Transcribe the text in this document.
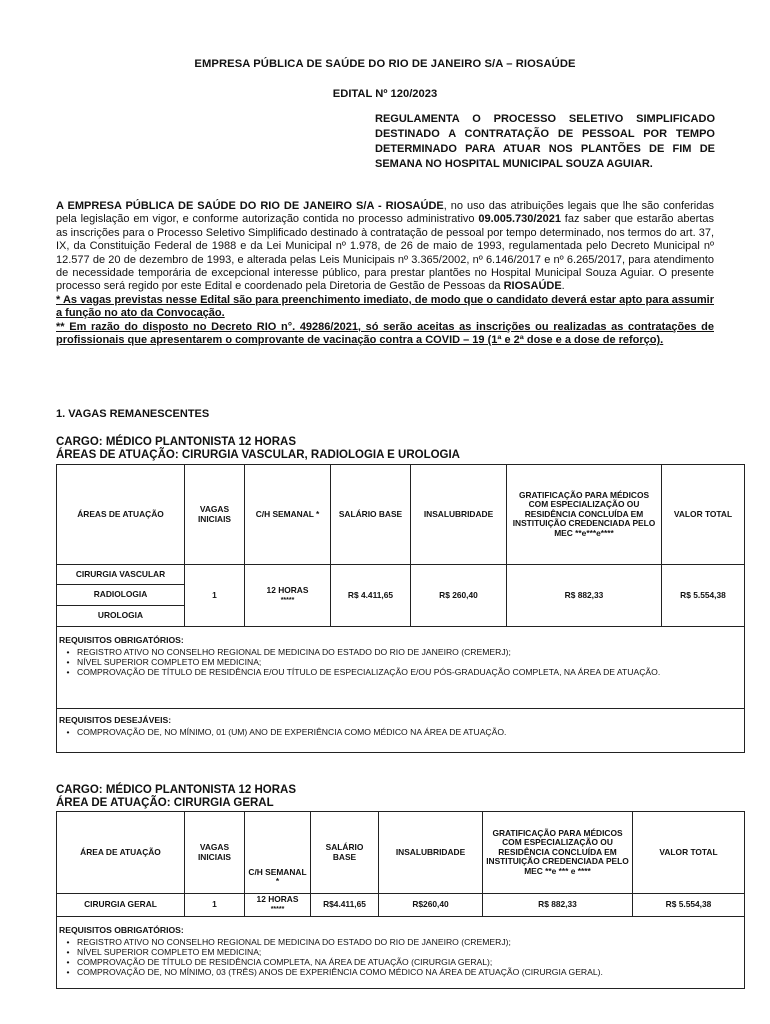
EMPRESA PÚBLICA DE SAÚDE DO RIO DE JANEIRO S/A – RIOSAÚDE
EDITAL Nº 120/2023
REGULAMENTA O PROCESSO SELETIVO SIMPLIFICADO DESTINADO A CONTRATAÇÃO DE PESSOAL POR TEMPO DETERMINADO PARA ATUAR NOS PLANTÕES DE FIM DE SEMANA NO HOSPITAL MUNICIPAL SOUZA AGUIAR.
A EMPRESA PÚBLICA DE SAÚDE DO RIO DE JANEIRO S/A - RIOSAÚDE, no uso das atribuições legais que lhe são conferidas pela legislação em vigor, e conforme autorização contida no processo administrativo 09.005.730/2021 faz saber que estarão abertas as inscrições para o Processo Seletivo Simplificado destinado à contratação de pessoal por tempo determinado, nos termos do art. 37, IX, da Constituição Federal de 1988 e da Lei Municipal nº 1.978, de 26 de maio de 1993, regulamentada pelo Decreto Municipal nº 12.577 de 20 de dezembro de 1993, e alterada pelas Leis Municipais nº 3.365/2002, nº 6.146/2017 e nº 6.265/2017, para atendimento de necessidade temporária de excepcional interesse público, para prestar plantões no Hospital Municipal Souza Aguiar. O presente processo será regido por este Edital e coordenado pela Diretoria de Gestão de Pessoas da RIOSAÚDE.
* As vagas previstas nesse Edital são para preenchimento imediato, de modo que o candidato deverá estar apto para assumir a função no ato da Convocação.
** Em razão do disposto no Decreto RIO n°. 49286/2021, só serão aceitas as inscrições ou realizadas as contratações de profissionais que apresentarem o comprovante de vacinação contra a COVID – 19 (1ª e 2ª dose e a dose de reforço).
1. VAGAS REMANESCENTES
CARGO: MÉDICO PLANTONISTA 12 HORAS
ÁREAS DE ATUAÇÃO: CIRURGIA VASCULAR, RADIOLOGIA E UROLOGIA
ÁREAS DE ATUAÇÃO	VAGAS INICIAIS	C/H SEMANAL *	SALÁRIO BASE	INSALUBRIDADE	GRATIFICAÇÃO PARA MÉDICOS COM ESPECIALIZAÇÃO OU RESIDÊNCIA CONCLUÍDA EM INSTITUIÇÃO CREDENCIADA PELO MEC **e***e****	VALOR TOTAL
CIRURGIA VASCULAR	1	12 HORAS
*****	R$ 4.411,65	R$ 260,40	R$ 882,33	R$ 5.554,38
RADIOLOGIA						
UROLOGIA						

REQUISITOS OBRIGATÓRIOS:
• REGISTRO ATIVO NO CONSELHO REGIONAL DE MEDICINA DO ESTADO DO RIO DE JANEIRO (CREMERJ);
• NÍVEL SUPERIOR COMPLETO EM MEDICINA;
• COMPROVAÇÃO DE TÍTULO DE RESIDÊNCIA E/OU TÍTULO DE ESPECIALIZAÇÃO E/OU PÓS-GRADUAÇÃO COMPLETA, NA ÁREA DE ATUAÇÃO.						

REQUISITOS DESEJÁVEIS:
• COMPROVAÇÃO DE, NO MÍNIMO, 01 (UM) ANO DE EXPERIÊNCIA COMO MÉDICO NA ÁREA DE ATUAÇÃO.						
CARGO: MÉDICO PLANTONISTA 12 HORAS
ÁREA DE ATUAÇÃO: CIRURGIA GERAL
ÁREA DE ATUAÇÃO	VAGAS INICIAIS	C/H SEMANAL *	SALÁRIO BASE	INSALUBRIDADE	GRATIFICAÇÃO PARA MÉDICOS COM ESPECIALIZAÇÃO OU RESIDÊNCIA CONCLUÍDA EM INSTITUIÇÃO CREDENCIADA PELO MEC **e *** e ****	VALOR TOTAL
CIRURGIA GERAL	1	12 HORAS
*****	R$4.411,65	R$260,40	R$ 882,33	R$ 5.554,38

REQUISITOS OBRIGATÓRIOS:
• REGISTRO ATIVO NO CONSELHO REGIONAL DE MEDICINA DO ESTADO DO RIO DE JANEIRO (CREMERJ);
• NÍVEL SUPERIOR COMPLETO EM MEDICINA;
• COMPROVAÇÃO DE TÍTULO DE RESIDÊNCIA COMPLETA, NA ÁREA DE ATUAÇÃO (CIRURGIA GERAL);
• COMPROVAÇÃO DE, NO MÍNIMO, 03 (TRÊS) ANOS DE EXPERIÊNCIA COMO MÉDICO NA ÁREA DE ATUAÇÃO (CIRURGIA GERAL).						
